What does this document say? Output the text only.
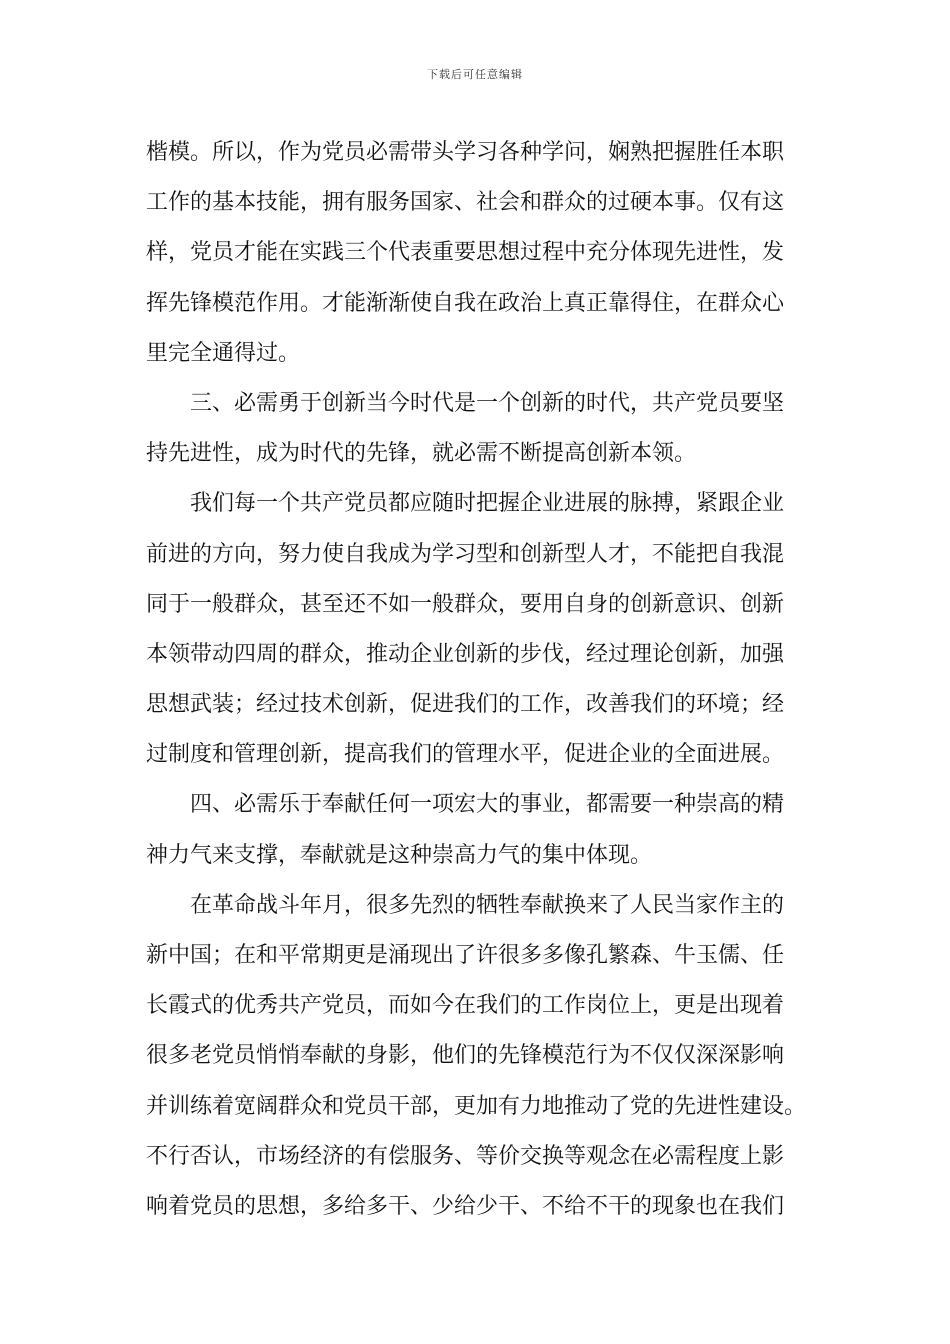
下载后可任意编辑
楷模。所以，作为党员必需带头学习各种学问，娴熟把握胜任本职
工作的基本技能，拥有服务国家、社会和群众的过硬本事。仅有这
样，党员才能在实践三个代表重要思想过程中充分体现先进性，发
挥先锋模范作用。才能渐渐使自我在政治上真正靠得住，在群众心
里完全通得过。
三、必需勇于创新当今时代是一个创新的时代，共产党员要坚
持先进性，成为时代的先锋，就必需不断提高创新本领。
我们每一个共产党员都应随时把握企业进展的脉搏，紧跟企业
前进的方向，努力使自我成为学习型和创新型人才，不能把自我混
同于一般群众，甚至还不如一般群众，要用自身的创新意识、创新
本领带动四周的群众，推动企业创新的步伐，经过理论创新，加强
思想武装；经过技术创新，促进我们的工作，改善我们的环境；经
过制度和管理创新，提高我们的管理水平，促进企业的全面进展。
四、必需乐于奉献任何一项宏大的事业，都需要一种崇高的精
神力气来支撑，奉献就是这种崇高力气的集中体现。
在革命战斗年月，很多先烈的牺牲奉献换来了人民当家作主的
新中国；在和平常期更是涌现出了许很多多像孔繁森、牛玉儒、任
长霞式的优秀共产党员，而如今在我们的工作岗位上，更是出现着
很多老党员悄悄奉献的身影，他们的先锋模范行为不仅仅深深影响
并训练着宽阔群众和党员干部，更加有力地推动了党的先进性建设。
不行否认，市场经济的有偿服务、等价交换等观念在必需程度上影
响着党员的思想，多给多干、少给少干、不给不干的现象也在我们
